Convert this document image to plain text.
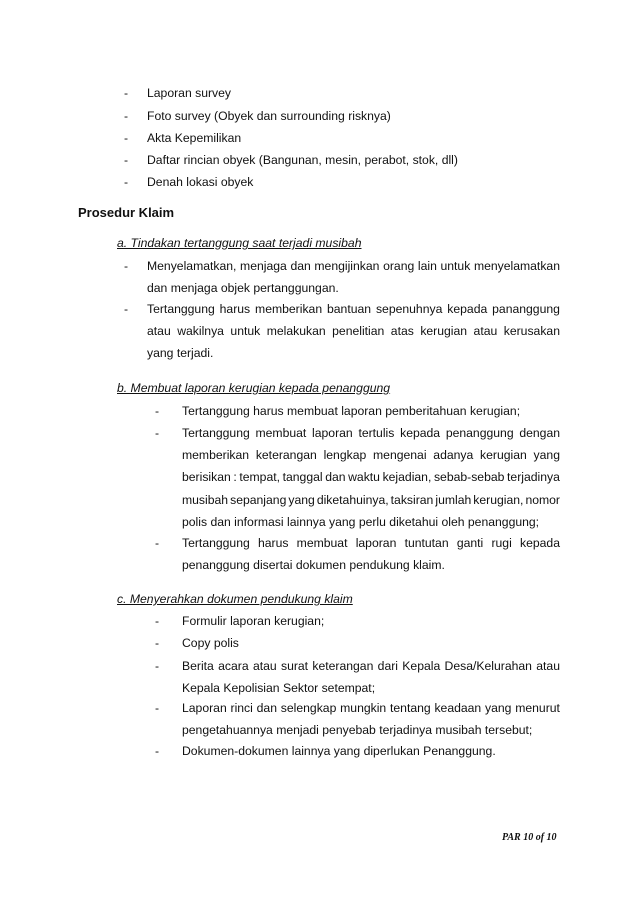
- Laporan survey
- Foto survey (Obyek dan surrounding risknya)
- Akta Kepemilikan
- Daftar rincian obyek (Bangunan, mesin, perabot, stok, dll)
- Denah lokasi obyek
Prosedur Klaim
a. Tindakan tertanggung saat terjadi musibah
- Menyelamatkan, menjaga dan mengijinkan orang lain untuk menyelamatkan
dan menjaga objek pertanggungan.
- Tertanggung harus memberikan bantuan sepenuhnya kepada pananggung
atau wakilnya untuk melakukan penelitian atas kerugian atau kerusakan
yang terjadi.
b. Membuat laporan kerugian kepada penanggung
- Tertanggung harus membuat laporan pemberitahuan kerugian;
- Tertanggung membuat laporan tertulis kepada penanggung dengan
memberikan keterangan lengkap mengenai adanya kerugian yang
berisikan : tempat, tanggal dan waktu kejadian, sebab-sebab terjadinya
musibah sepanjang yang diketahuinya, taksiran jumlah kerugian, nomor
polis dan informasi lainnya yang perlu diketahui oleh penanggung;
- Tertanggung harus membuat laporan tuntutan ganti rugi kepada
penanggung disertai dokumen pendukung klaim.
c. Menyerahkan dokumen pendukung klaim
- Formulir laporan kerugian;
- Copy polis
- Berita acara atau surat keterangan dari Kepala Desa/Kelurahan atau
Kepala Kepolisian Sektor setempat;
- Laporan rinci dan selengkap mungkin tentang keadaan yang menurut
pengetahuannya menjadi penyebab terjadinya musibah tersebut;
- Dokumen-dokumen lainnya yang diperlukan Penanggung.
PAR 10 of 10
